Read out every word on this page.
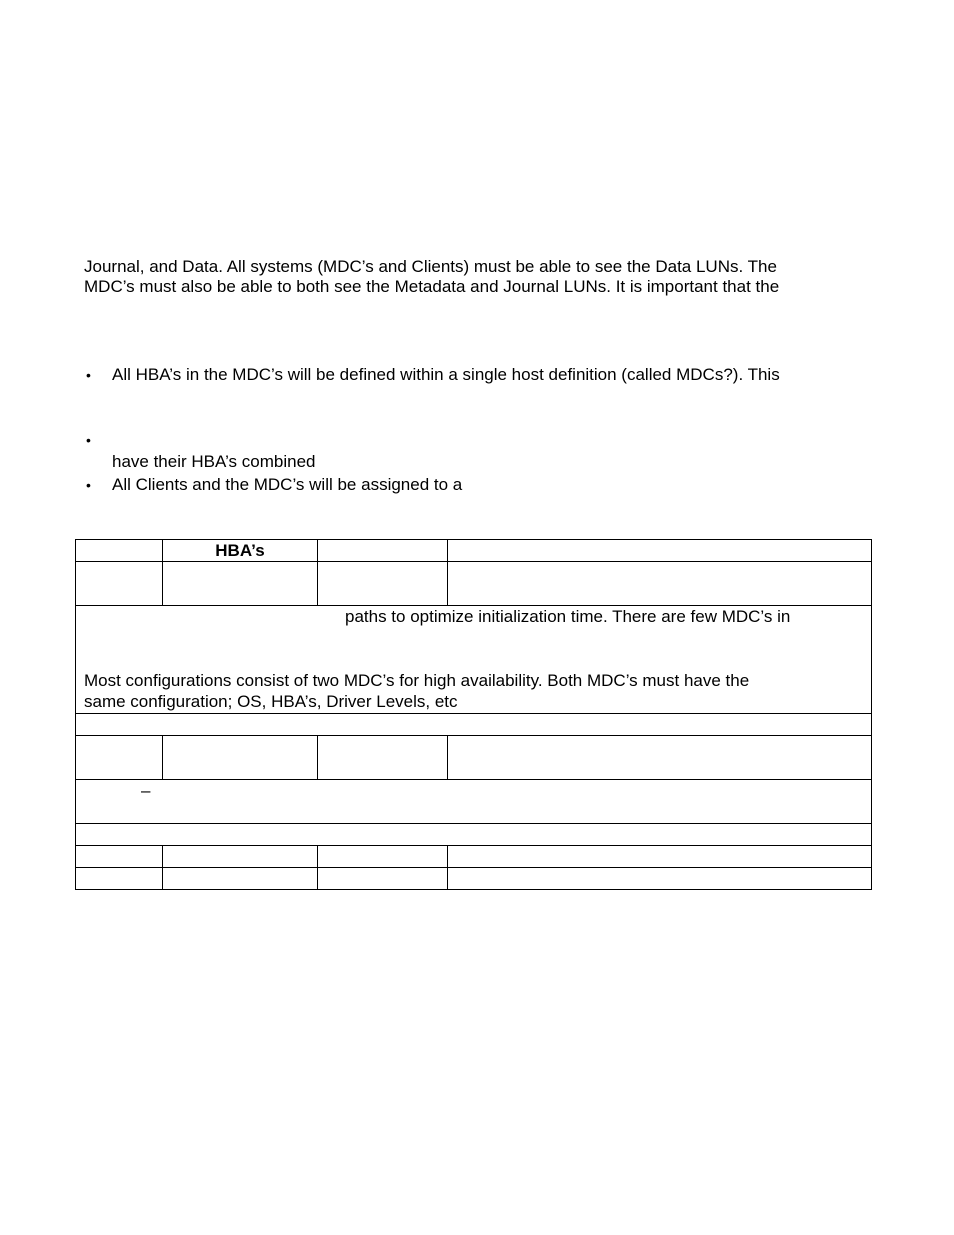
Journal, and Data. All systems (MDC’s and Clients) must be able to see the Data LUNs. The
MDC’s must also be able to both see the Metadata and Journal LUNs. It is important that the
• All HBA’s in the MDC’s will be defined within a single host definition (called MDCs?). This
•
have their HBA’s combined
• All Clients and the MDC’s will be assigned to a
	HBA’s		

paths to optimize initialization time. There are few MDC’s in
Most configurations consist of two MDC’s for high availability. Both MDC’s must have the
same configuration; OS, HBA’s, Driver Levels, etc			

–			
